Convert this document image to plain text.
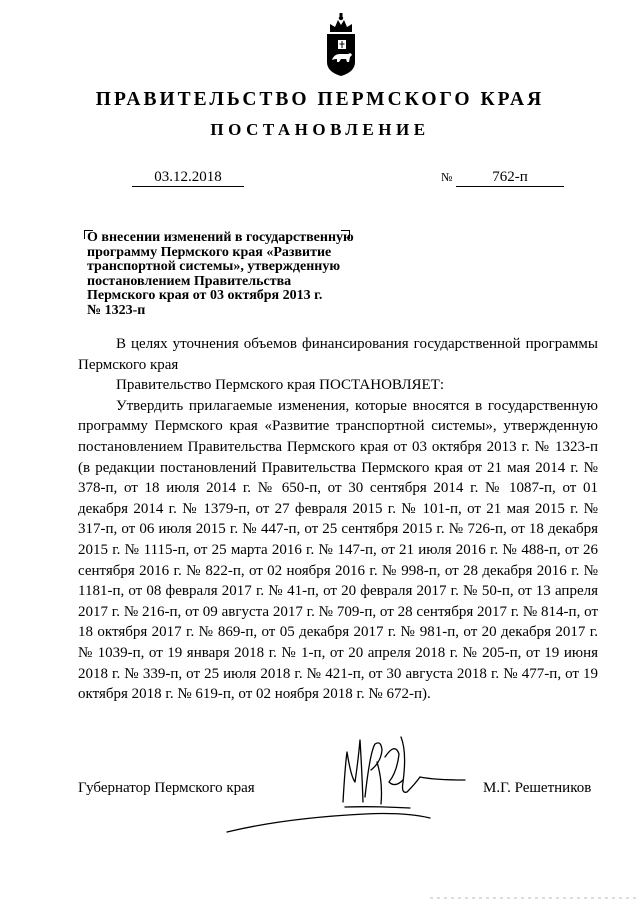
ПРАВИТЕЛЬСТВО ПЕРМСКОГО КРАЯ
ПОСТАНОВЛЕНИЕ
03.12.2018	№	762-п
О внесении изменений в государственную
программу Пермского края «Развитие
транспортной системы», утвержденную
постановлением Правительства
Пермского края от 03 октября 2013 г.
№ 1323-п

В целях уточнения объемов финансирования государственной программы Пермского края

Правительство Пермского края ПОСТАНОВЛЯЕТ:

Утвердить прилагаемые изменения, которые вносятся в государственную программу Пермского края «Развитие транспортной системы», утвержденную постановлением Правительства Пермского края от 03 октября 2013 г. № 1323-п (в редакции постановлений Правительства Пермского края от 21 мая 2014 г. № 378-п, от 18 июля 2014 г. № 650-п, от 30 сентября 2014 г. № 1087-п, от 01 декабря 2014 г. № 1379-п, от 27 февраля 2015 г. № 101-п, от 21 мая 2015 г. № 317-п, от 06 июля 2015 г. № 447-п, от 25 сентября 2015 г. № 726-п, от 18 декабря 2015 г. № 1115-п, от 25 марта 2016 г. № 147-п, от 21 июля 2016 г. № 488-п, от 26 сентября 2016 г. № 822-п, от 02 ноября 2016 г. № 998-п, от 28 декабря 2016 г. № 1181-п, от 08 февраля 2017 г. № 41-п, от 20 февраля 2017 г. № 50-п, от 13 апреля 2017 г. № 216-п, от 09 августа 2017 г. № 709-п, от 28 сентября 2017 г. № 814-п, от 18 октября 2017 г. № 869-п, от 05 декабря 2017 г. № 981-п, от 20 декабря 2017 г. № 1039-п, от 19 января 2018 г. № 1-п, от 20 апреля 2018 г. № 205-п, от 19 июня 2018 г. № 339-п, от 25 июля 2018 г. № 421-п, от 30 августа 2018 г. № 477-п, от 19 октября 2018 г. № 619-п, от 02 ноября 2018 г. № 672-п).

Губернатор Пермского края	М.Г. Решетников
